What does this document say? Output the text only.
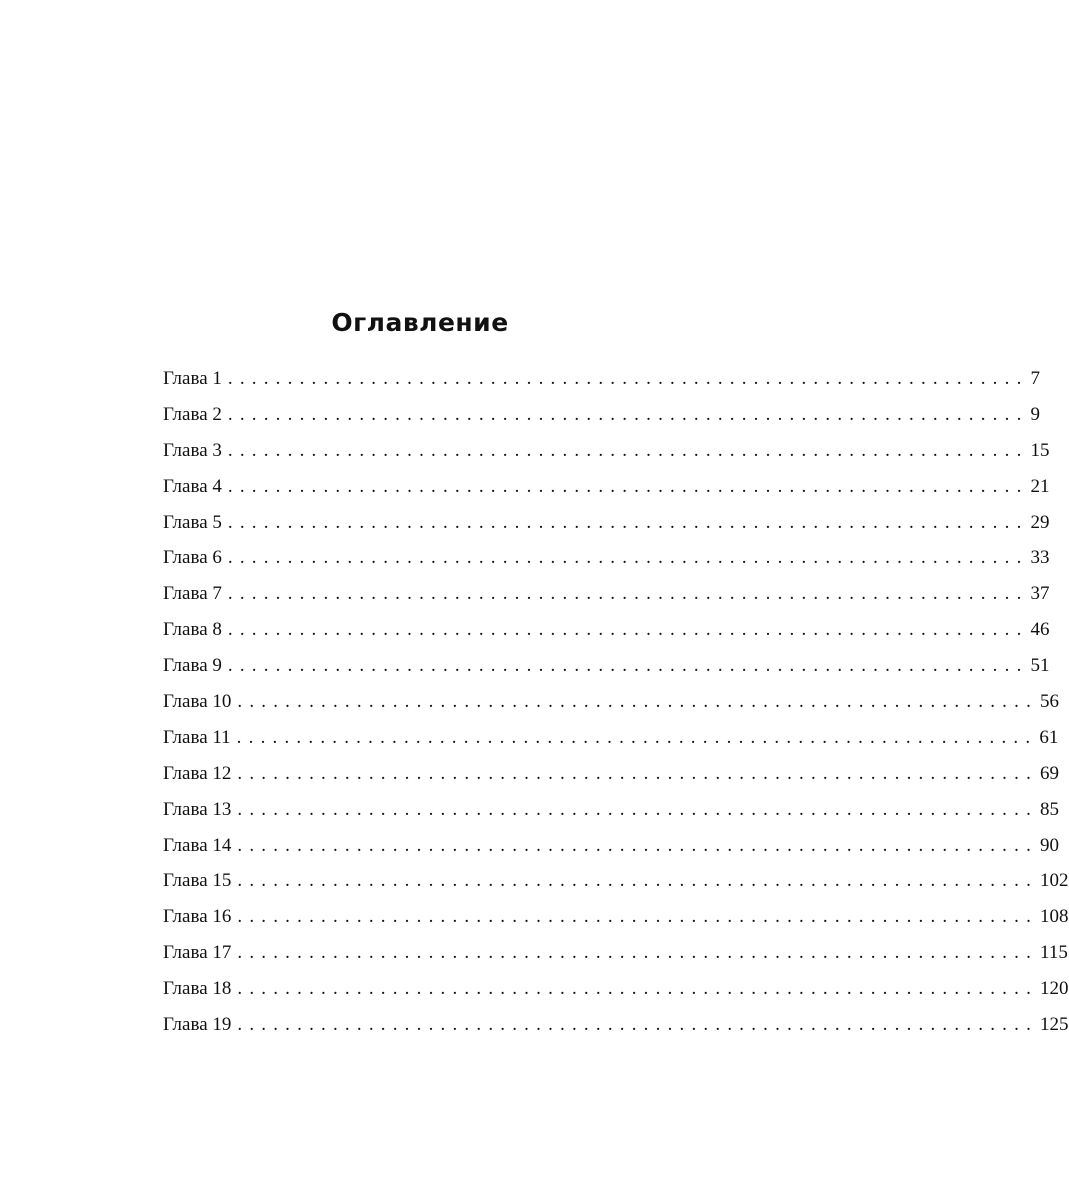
Оглавление
Глава 1 ................................................................... 7
Глава 2 ................................................................... 9
Глава 3 ................................................................... 15
Глава 4 ................................................................... 21
Глава 5 ................................................................... 29
Глава 6 ................................................................... 33
Глава 7 ................................................................... 37
Глава 8 ................................................................... 46
Глава 9 ................................................................... 51
Глава 10 ................................................................... 56
Глава 11 ................................................................... 61
Глава 12 ................................................................... 69
Глава 13 ................................................................... 85
Глава 14 ................................................................... 90
Глава 15 ................................................................... 102
Глава 16 ................................................................... 108
Глава 17 ................................................................... 115
Глава 18 ................................................................... 120
Глава 19 ................................................................... 125
